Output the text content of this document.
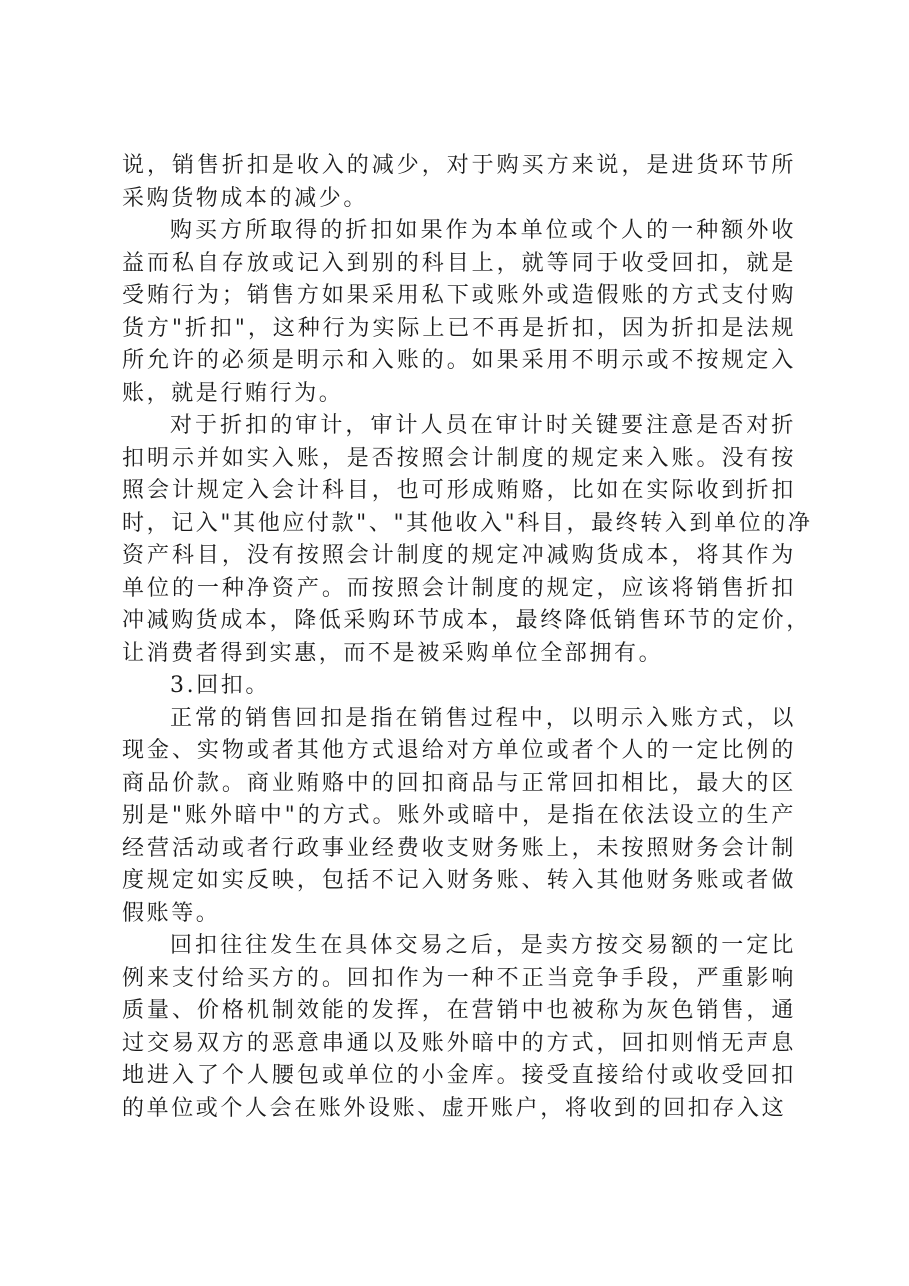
说，销售折扣是收入的减少，对于购买方来说，是进货环节所
采购货物成本的减少。
购买方所取得的折扣如果作为本单位或个人的一种额外收
益而私自存放或记入到别的科目上，就等同于收受回扣，就是
受贿行为；销售方如果采用私下或账外或造假账的方式支付购
货方"折扣"，这种行为实际上已不再是折扣，因为折扣是法规
所允许的必须是明示和入账的。如果采用不明示或不按规定入
账，就是行贿行为。
对于折扣的审计，审计人员在审计时关键要注意是否对折
扣明示并如实入账，是否按照会计制度的规定来入账。没有按
照会计规定入会计科目，也可形成贿赂，比如在实际收到折扣
时，记入"其他应付款"、"其他收入"科目，最终转入到单位的净
资产科目，没有按照会计制度的规定冲减购货成本，将其作为
单位的一种净资产。而按照会计制度的规定，应该将销售折扣
冲减购货成本，降低采购环节成本，最终降低销售环节的定价，
让消费者得到实惠，而不是被采购单位全部拥有。
3.回扣。
正常的销售回扣是指在销售过程中，以明示入账方式，以
现金、实物或者其他方式退给对方单位或者个人的一定比例的
商品价款。商业贿赂中的回扣商品与正常回扣相比，最大的区
别是"账外暗中"的方式。账外或暗中，是指在依法设立的生产
经营活动或者行政事业经费收支财务账上，未按照财务会计制
度规定如实反映，包括不记入财务账、转入其他财务账或者做
假账等。
回扣往往发生在具体交易之后，是卖方按交易额的一定比
例来支付给买方的。回扣作为一种不正当竞争手段，严重影响
质量、价格机制效能的发挥，在营销中也被称为灰色销售，通
过交易双方的恶意串通以及账外暗中的方式，回扣则悄无声息
地进入了个人腰包或单位的小金库。接受直接给付或收受回扣
的单位或个人会在账外设账、虚开账户，将收到的回扣存入这
